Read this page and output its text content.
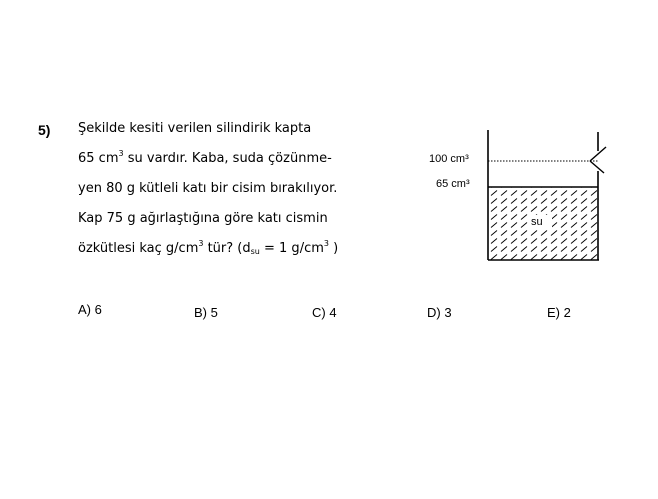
5) Şekilde kesiti verilen silindirik kapta
65 $cm^3$ su vardır. Kaba, suda çözünme-
yen 80 g kütleli katı bir cisim bırakılıyor.
Kap 75 g ağırlaştığına göre katı cismin
özkütlesi kaç $g/cm^3$ tür? ($d_{su} = 1$ $g/cm^3$ )
100 cm³
65 cm³
su
A) 6	B) 5	C) 4	D) 3	E) 2
